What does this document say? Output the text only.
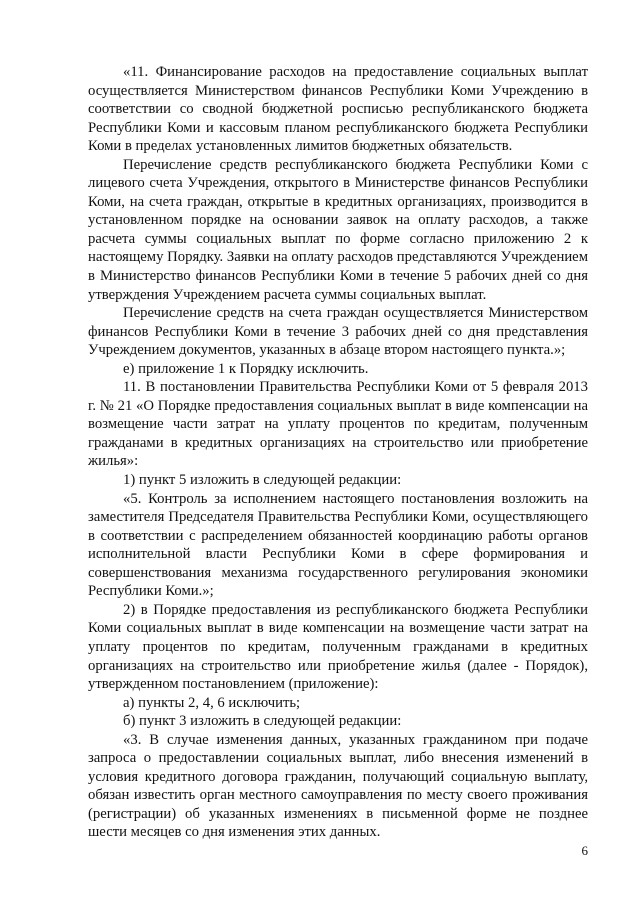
«11. Финансирование расходов на предоставление социальных выплат осуществляется Министерством финансов Республики Коми Учреждению в соответствии со сводной бюджетной росписью республиканского бюджета Республики Коми и кассовым планом республиканского бюджета Республики Коми в пределах установленных лимитов бюджетных обязательств.

Перечисление средств республиканского бюджета Республики Коми с лицевого счета Учреждения, открытого в Министерстве финансов Республики Коми, на счета граждан, открытые в кредитных организациях, производится в установленном порядке на основании заявок на оплату расходов, а также расчета суммы социальных выплат по форме согласно приложению 2 к настоящему Порядку. Заявки на оплату расходов представляются Учреждением в Министерство финансов Республики Коми в течение 5 рабочих дней со дня утверждения Учреждением расчета суммы социальных выплат.

Перечисление средств на счета граждан осуществляется Министерством финансов Республики Коми в течение 3 рабочих дней со дня представления Учреждением документов, указанных в абзаце втором настоящего пункта.»;

е) приложение 1 к Порядку исключить.

11. В постановлении Правительства Республики Коми от 5 февраля 2013 г. № 21 «О Порядке предоставления социальных выплат в виде компенсации на возмещение части затрат на уплату процентов по кредитам, полученным гражданами в кредитных организациях на строительство или приобретение жилья»:

1) пункт 5 изложить в следующей редакции:

«5. Контроль за исполнением настоящего постановления возложить на заместителя Председателя Правительства Республики Коми, осуществляющего в соответствии с распределением обязанностей координацию работы органов исполнительной власти Республики Коми в сфере формирования и совершенствования механизма государственного регулирования экономики Республики Коми.»;

2) в Порядке предоставления из республиканского бюджета Республики Коми социальных выплат в виде компенсации на возмещение части затрат на уплату процентов по кредитам, полученным гражданами в кредитных организациях на строительство или приобретение жилья (далее - Порядок), утвержденном постановлением (приложение):

а) пункты 2, 4, 6 исключить;

б) пункт 3 изложить в следующей редакции:

«3. В случае изменения данных, указанных гражданином при подаче запроса о предоставлении социальных выплат, либо внесения изменений в условия кредитного договора гражданин, получающий социальную выплату, обязан известить орган местного самоуправления по месту своего проживания (регистрации) об указанных изменениях в письменной форме не позднее шести месяцев со дня изменения этих данных.

6
